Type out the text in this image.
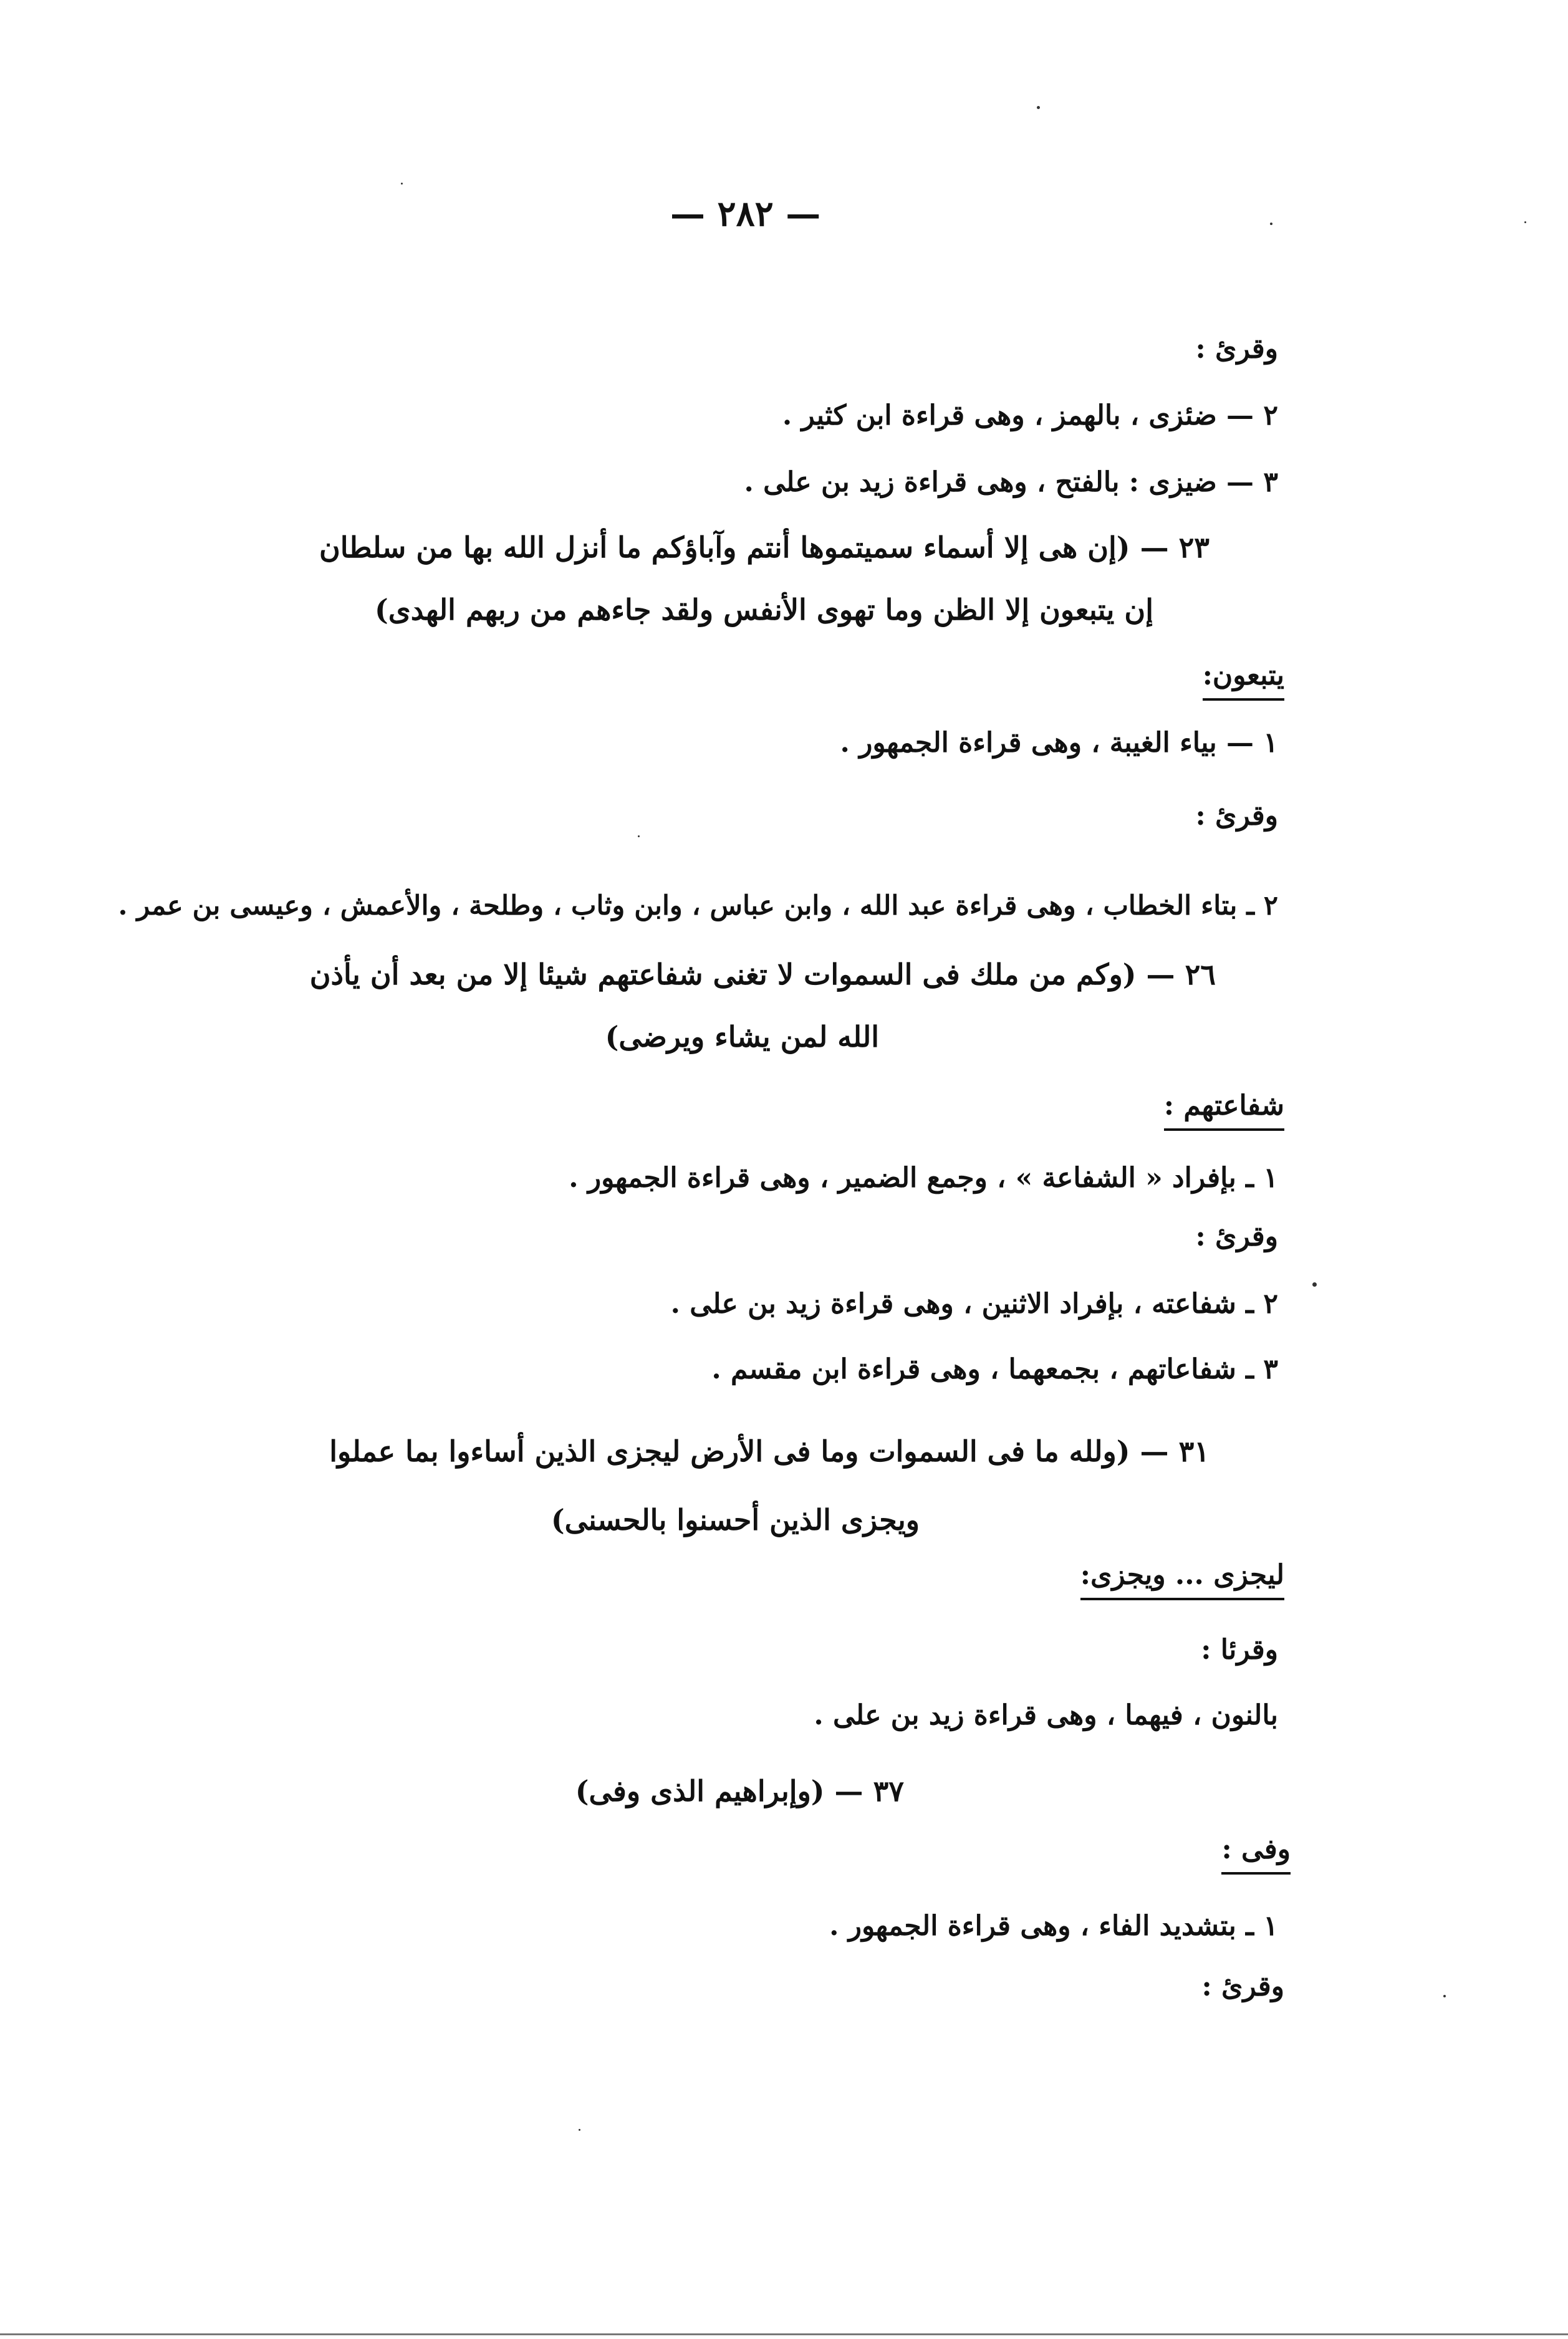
— ٢٨٢ —
وقرئ :
٢ — ضئزى ، بالهمز ، وهى قراءة ابن كثير .
٣ — ضيزى : بالفتح ، وهى قراءة زيد بن على .
٢٣ — (إن هى إلا أسماء سميتموها أنتم وآباؤكم ما أنزل الله بها من سلطان
إن يتبعون إلا الظن وما تهوى الأنفس ولقد جاءهم من ربهم الهدى)
يتبعون:
١ — بياء الغيبة ، وهى قراءة الجمهور .
وقرئ :
٢ ـ بتاء الخطاب ، وهى قراءة عبد الله ، وابن عباس ، وابن وثاب ، وطلحة ، والأعمش ، وعيسى بن عمر .
٢٦ — (وكم من ملك فى السموات لا تغنى شفاعتهم شيئا إلا من بعد أن يأذن
الله لمن يشاء ويرضى)
شفاعتهم :
١ ـ بإفراد « الشفاعة » ، وجمع الضمير ، وهى قراءة الجمهور .
وقرئ :
٢ ـ شفاعته ، بإفراد الاثنين ، وهى قراءة زيد بن على .
٣ ـ شفاعاتهم ، بجمعهما ، وهى قراءة ابن مقسم .
٣١ — (ولله ما فى السموات وما فى الأرض ليجزى الذين أساءوا بما عملوا
ويجزى الذين أحسنوا بالحسنى)
ليجزى ... ويجزى:
وقرئا :
بالنون ، فيهما ، وهى قراءة زيد بن على .
٣٧ — (وإبراهيم الذى وفى)
وفى :
١ ـ بتشديد الفاء ، وهى قراءة الجمهور .
وقرئ :
